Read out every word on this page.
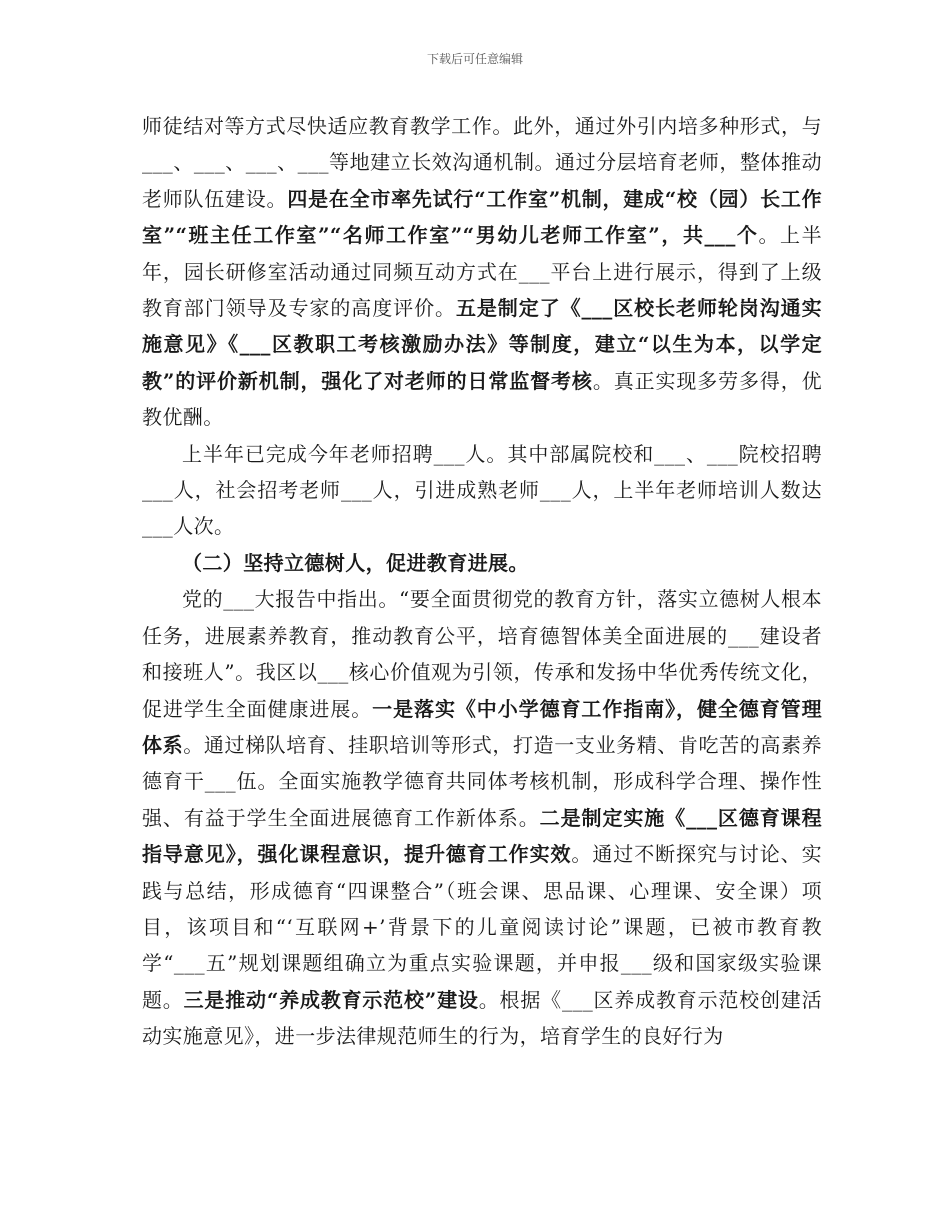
下载后可任意编辑

师徒结对等方式尽快适应教育教学工作。此外，通过外引内培多种形式，与___、___、___、___等地建立长效沟通机制。通过分层培育老师，整体推动老师队伍建设。四是在全市率先试行“工作室”机制，建成“校（园）长工作室”“班主任工作室”“名师工作室”“男幼儿老师工作室”，共___个。上半年，园长研修室活动通过同频互动方式在___平台上进行展示，得到了上级教育部门领导及专家的高度评价。五是制定了《___区校长老师轮岗沟通实施意见》《___区教职工考核激励办法》等制度，建立“以生为本，以学定教”的评价新机制，强化了对老师的日常监督考核。真正实现多劳多得，优教优酬。

上半年已完成今年老师招聘___人。其中部属院校和___、___院校招聘___人，社会招考老师___人，引进成熟老师___人，上半年老师培训人数达___人次。

（二）坚持立德树人，促进教育进展。

党的___大报告中指出。“要全面贯彻党的教育方针，落实立德树人根本任务，进展素养教育，推动教育公平，培育德智体美全面进展的___建设者和接班人”。我区以___核心价值观为引领，传承和发扬中华优秀传统文化，促进学生全面健康进展。一是落实《中小学德育工作指南》，健全德育管理体系。通过梯队培育、挂职培训等形式，打造一支业务精、肯吃苦的高素养德育干___伍。全面实施教学德育共同体考核机制，形成科学合理、操作性强、有益于学生全面进展德育工作新体系。二是制定实施《___区德育课程指导意见》，强化课程意识，提升德育工作实效。通过不断探究与讨论、实践与总结，形成德育“四课整合”（班会课、思品课、心理课、安全课）项目，该项目和“‘互联网+’背景下的儿童阅读讨论”课题，已被市教育教学“___五”规划课题组确立为重点实验课题，并申报___级和国家级实验课题。三是推动“养成教育示范校”建设。根据《___区养成教育示范校创建活动实施意见》，进一步法律规范师生的行为，培育学生的良好行为
